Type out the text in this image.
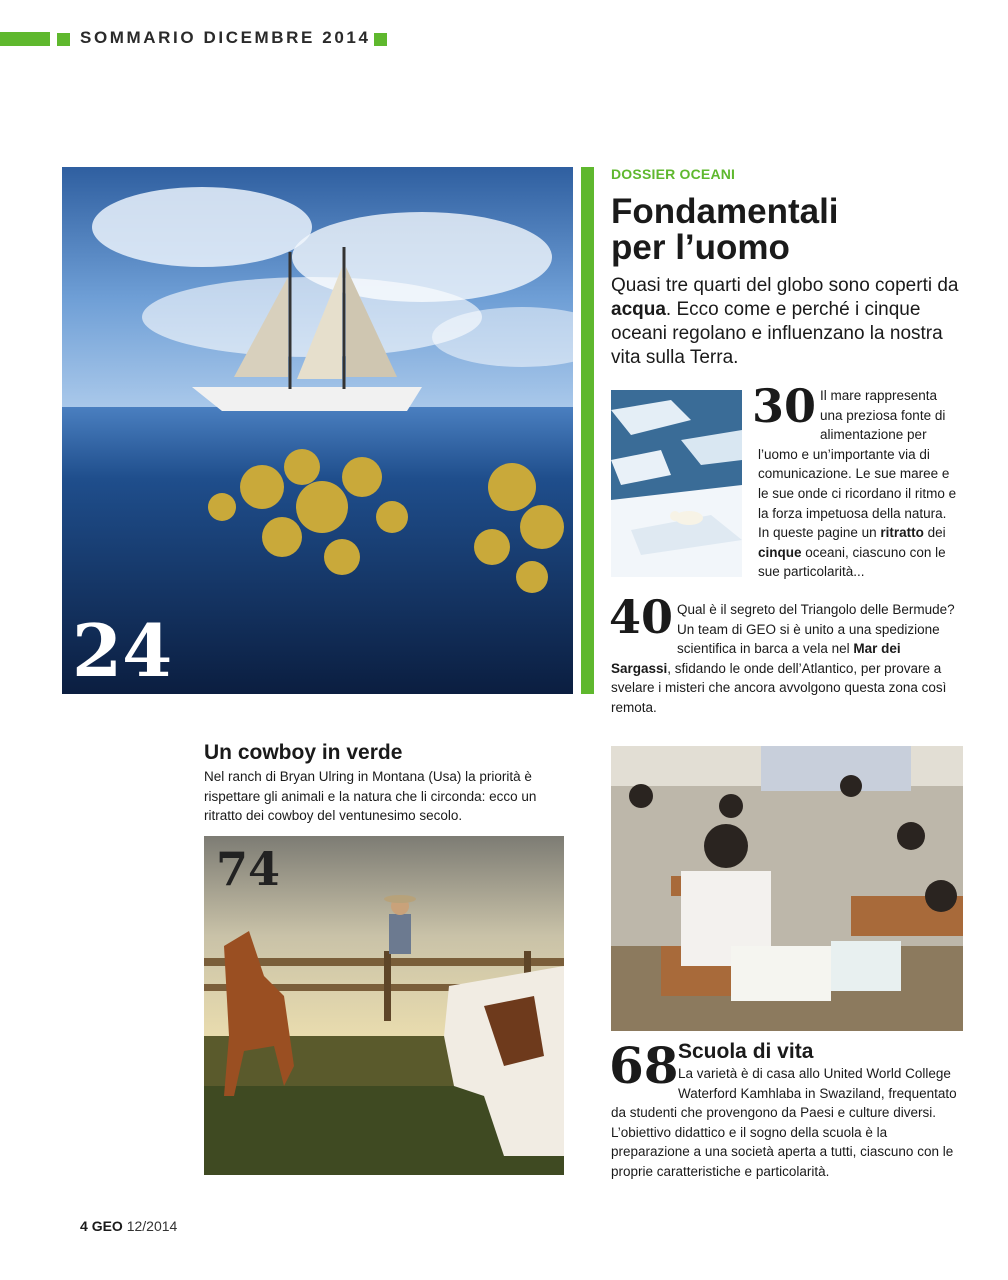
SOMMARIO DICEMBRE 2014
24
DOSSIER OCEANI
Fondamentali
per l’uomo
Quasi tre quarti del globo sono coperti da acqua. Ecco come e perché i cinque oceani regolano e influenzano la nostra vita sulla Terra.
30 Il mare rappresenta una preziosa fonte di alimentazione per l’uomo e un’importante via di comunicazione. Le sue maree e le sue onde ci ricordano il ritmo e la forza impetuosa della natura. In queste pagine un ritratto dei cinque oceani, ciascuno con le sue particolarità...
40 Qual è il segreto del Triangolo delle Bermude? Un team di GEO si è unito a una spedizione scientifica in barca a vela nel Mar dei Sargassi, sfidando le onde dell’Atlantico, per provare a svelare i misteri che ancora avvolgono questa zona così remota.
Un cowboy in verde
Nel ranch di Bryan Ulring in Montana (Usa) la priorità è rispettare gli animali e la natura che li circonda: ecco un ritratto dei cowboy del ventunesimo secolo.
74
68 Scuola di vita
La varietà è di casa allo United World College Waterford Kamhlaba in Swaziland, frequentato da studenti che provengono da Paesi e culture diversi. L’obiettivo didattico e il sogno della scuola è la preparazione a una società aperta a tutti, ciascuno con le proprie caratteristiche e particolarità.
4 GEO 12/2014
